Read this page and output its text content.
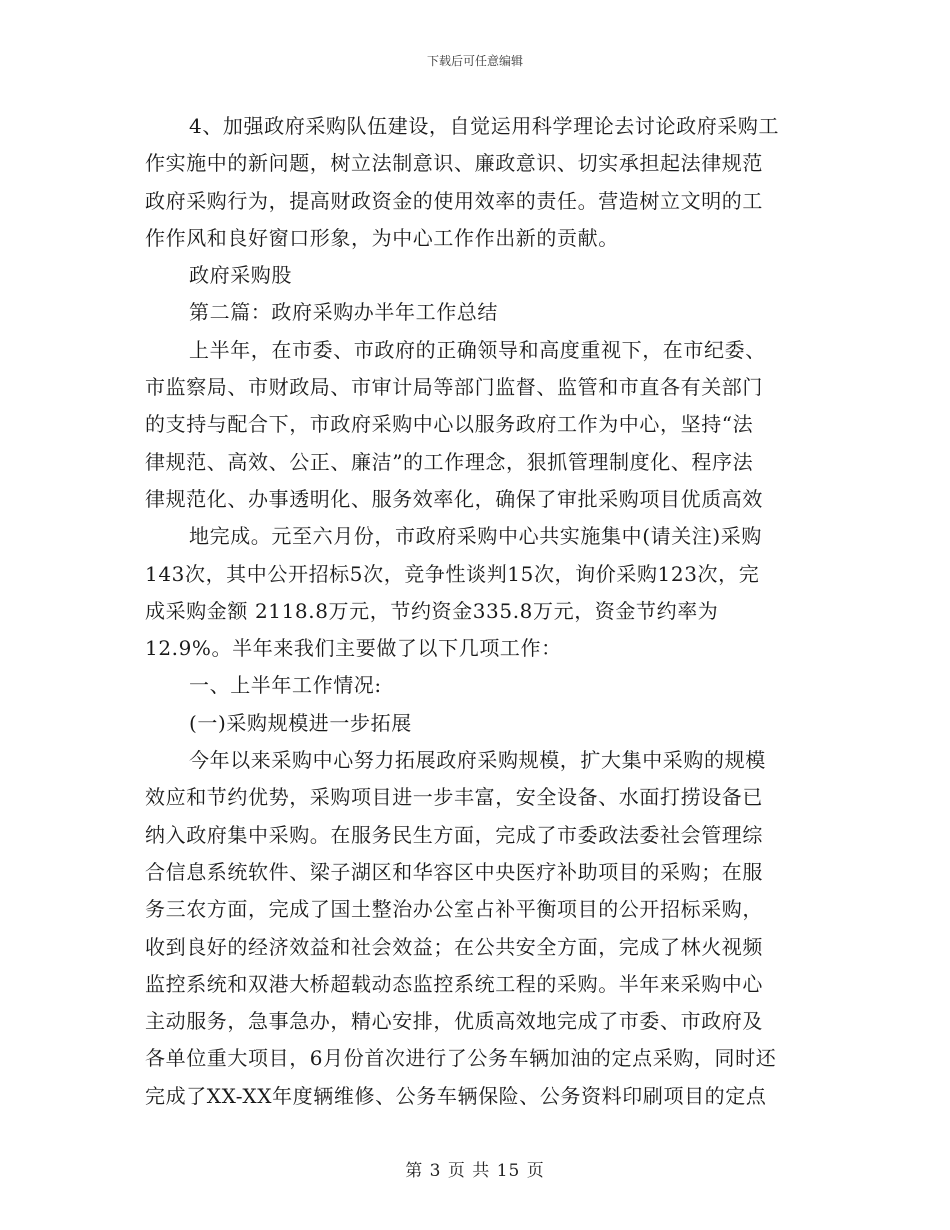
下载后可任意编辑
4、加强政府采购队伍建设，自觉运用科学理论去讨论政府采购工
作实施中的新问题，树立法制意识、廉政意识、切实承担起法律规范
政府采购行为，提高财政资金的使用效率的责任。营造树立文明的工
作作风和良好窗口形象，为中心工作作出新的贡献。
政府采购股
第二篇：政府采购办半年工作总结
上半年，在市委、市政府的正确领导和高度重视下，在市纪委、
市监察局、市财政局、市审计局等部门监督、监管和市直各有关部门
的支持与配合下，市政府采购中心以服务政府工作为中心，坚持“法
律规范、高效、公正、廉洁”的工作理念，狠抓管理制度化、程序法
律规范化、办事透明化、服务效率化，确保了审批采购项目优质高效
地完成。元至六月份，市政府采购中心共实施集中(请关注)采购
143次，其中公开招标5次，竞争性谈判15次，询价采购123次，完
成采购金额 2118.8万元，节约资金335.8万元，资金节约率为
12.9%。半年来我们主要做了以下几项工作：
一、上半年工作情况:
(一)采购规模进一步拓展
今年以来采购中心努力拓展政府采购规模，扩大集中采购的规模
效应和节约优势，采购项目进一步丰富，安全设备、水面打捞设备已
纳入政府集中采购。在服务民生方面，完成了市委政法委社会管理综
合信息系统软件、梁子湖区和华容区中央医疗补助项目的采购；在服
务三农方面，完成了国土整治办公室占补平衡项目的公开招标采购，
收到良好的经济效益和社会效益；在公共安全方面，完成了林火视频
监控系统和双港大桥超载动态监控系统工程的采购。半年来采购中心
主动服务，急事急办，精心安排，优质高效地完成了市委、市政府及
各单位重大项目，6月份首次进行了公务车辆加油的定点采购，同时还
完成了XX-XX年度辆维修、公务车辆保险、公务资料印刷项目的定点
第 3 页 共 15 页
